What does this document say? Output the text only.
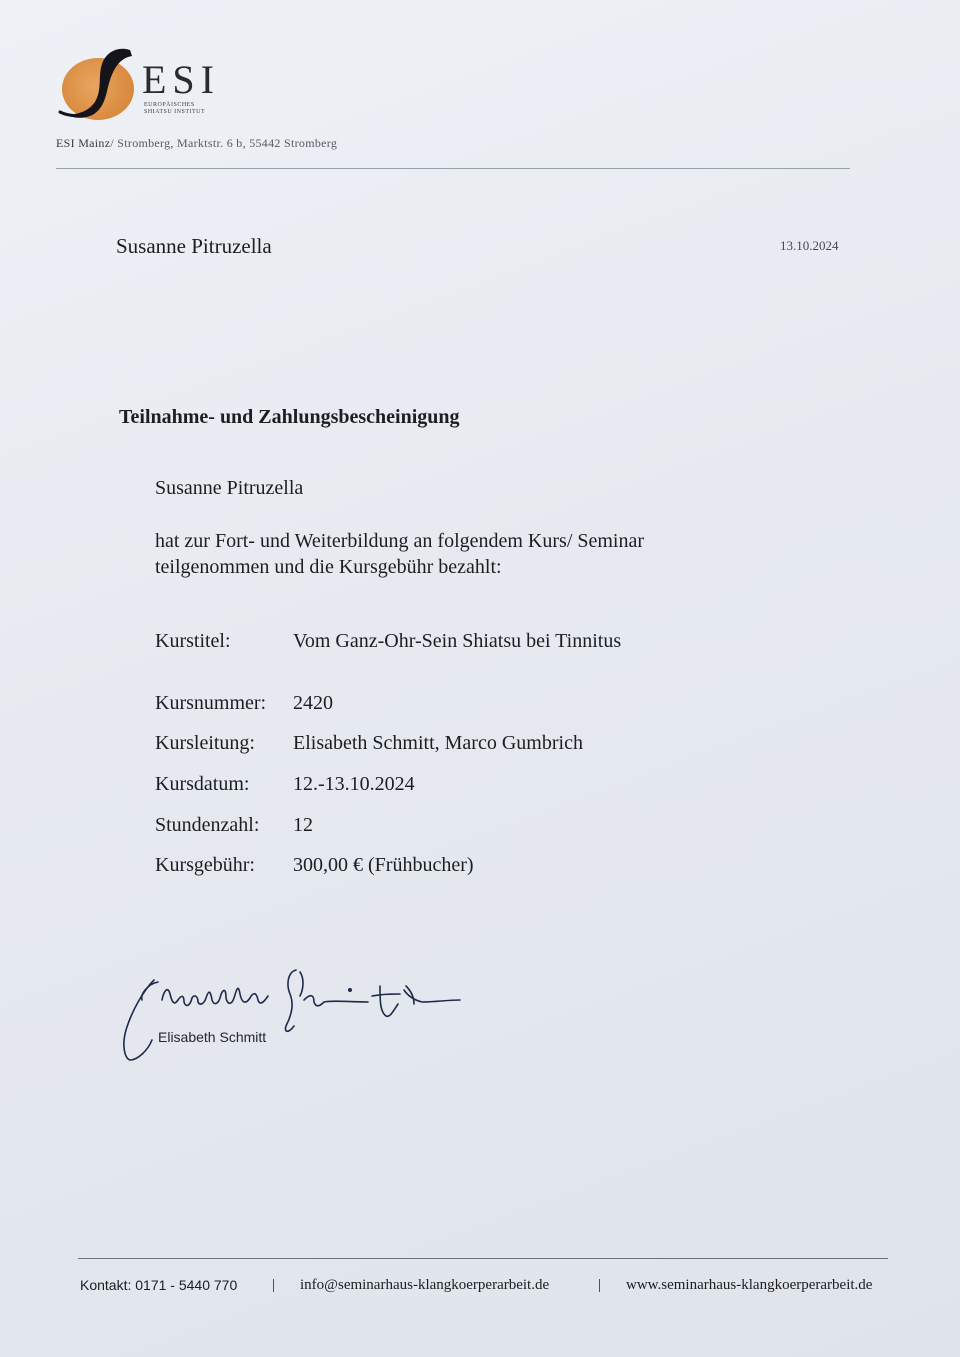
ESI
EUROPÄISCHES
SHIATSU INSTITUT
ESI Mainz/ Stromberg, Marktstr. 6 b, 55442 Stromberg
Susanne Pitruzella	13.10.2024
Teilnahme- und Zahlungsbescheinigung
Susanne Pitruzella
hat zur Fort- und Weiterbildung an folgendem Kurs/ Seminar
teilgenommen und die Kursgebühr bezahlt:
Kurstitel:	Vom Ganz-Ohr-Sein Shiatsu bei Tinnitus
Kursnummer: 2420
Kursleitung: Elisabeth Schmitt, Marco Gumbrich
Kursdatum: 12.-13.10.2024
Stundenzahl: 12
Kursgebühr: 300,00 € (Frühbucher)
Elisabeth Schmitt
Kontakt: 0171 - 5440 770 | info@seminarhaus-klangkoerperarbeit.de	| www.seminarhaus-klangkoerperarbeit.de
